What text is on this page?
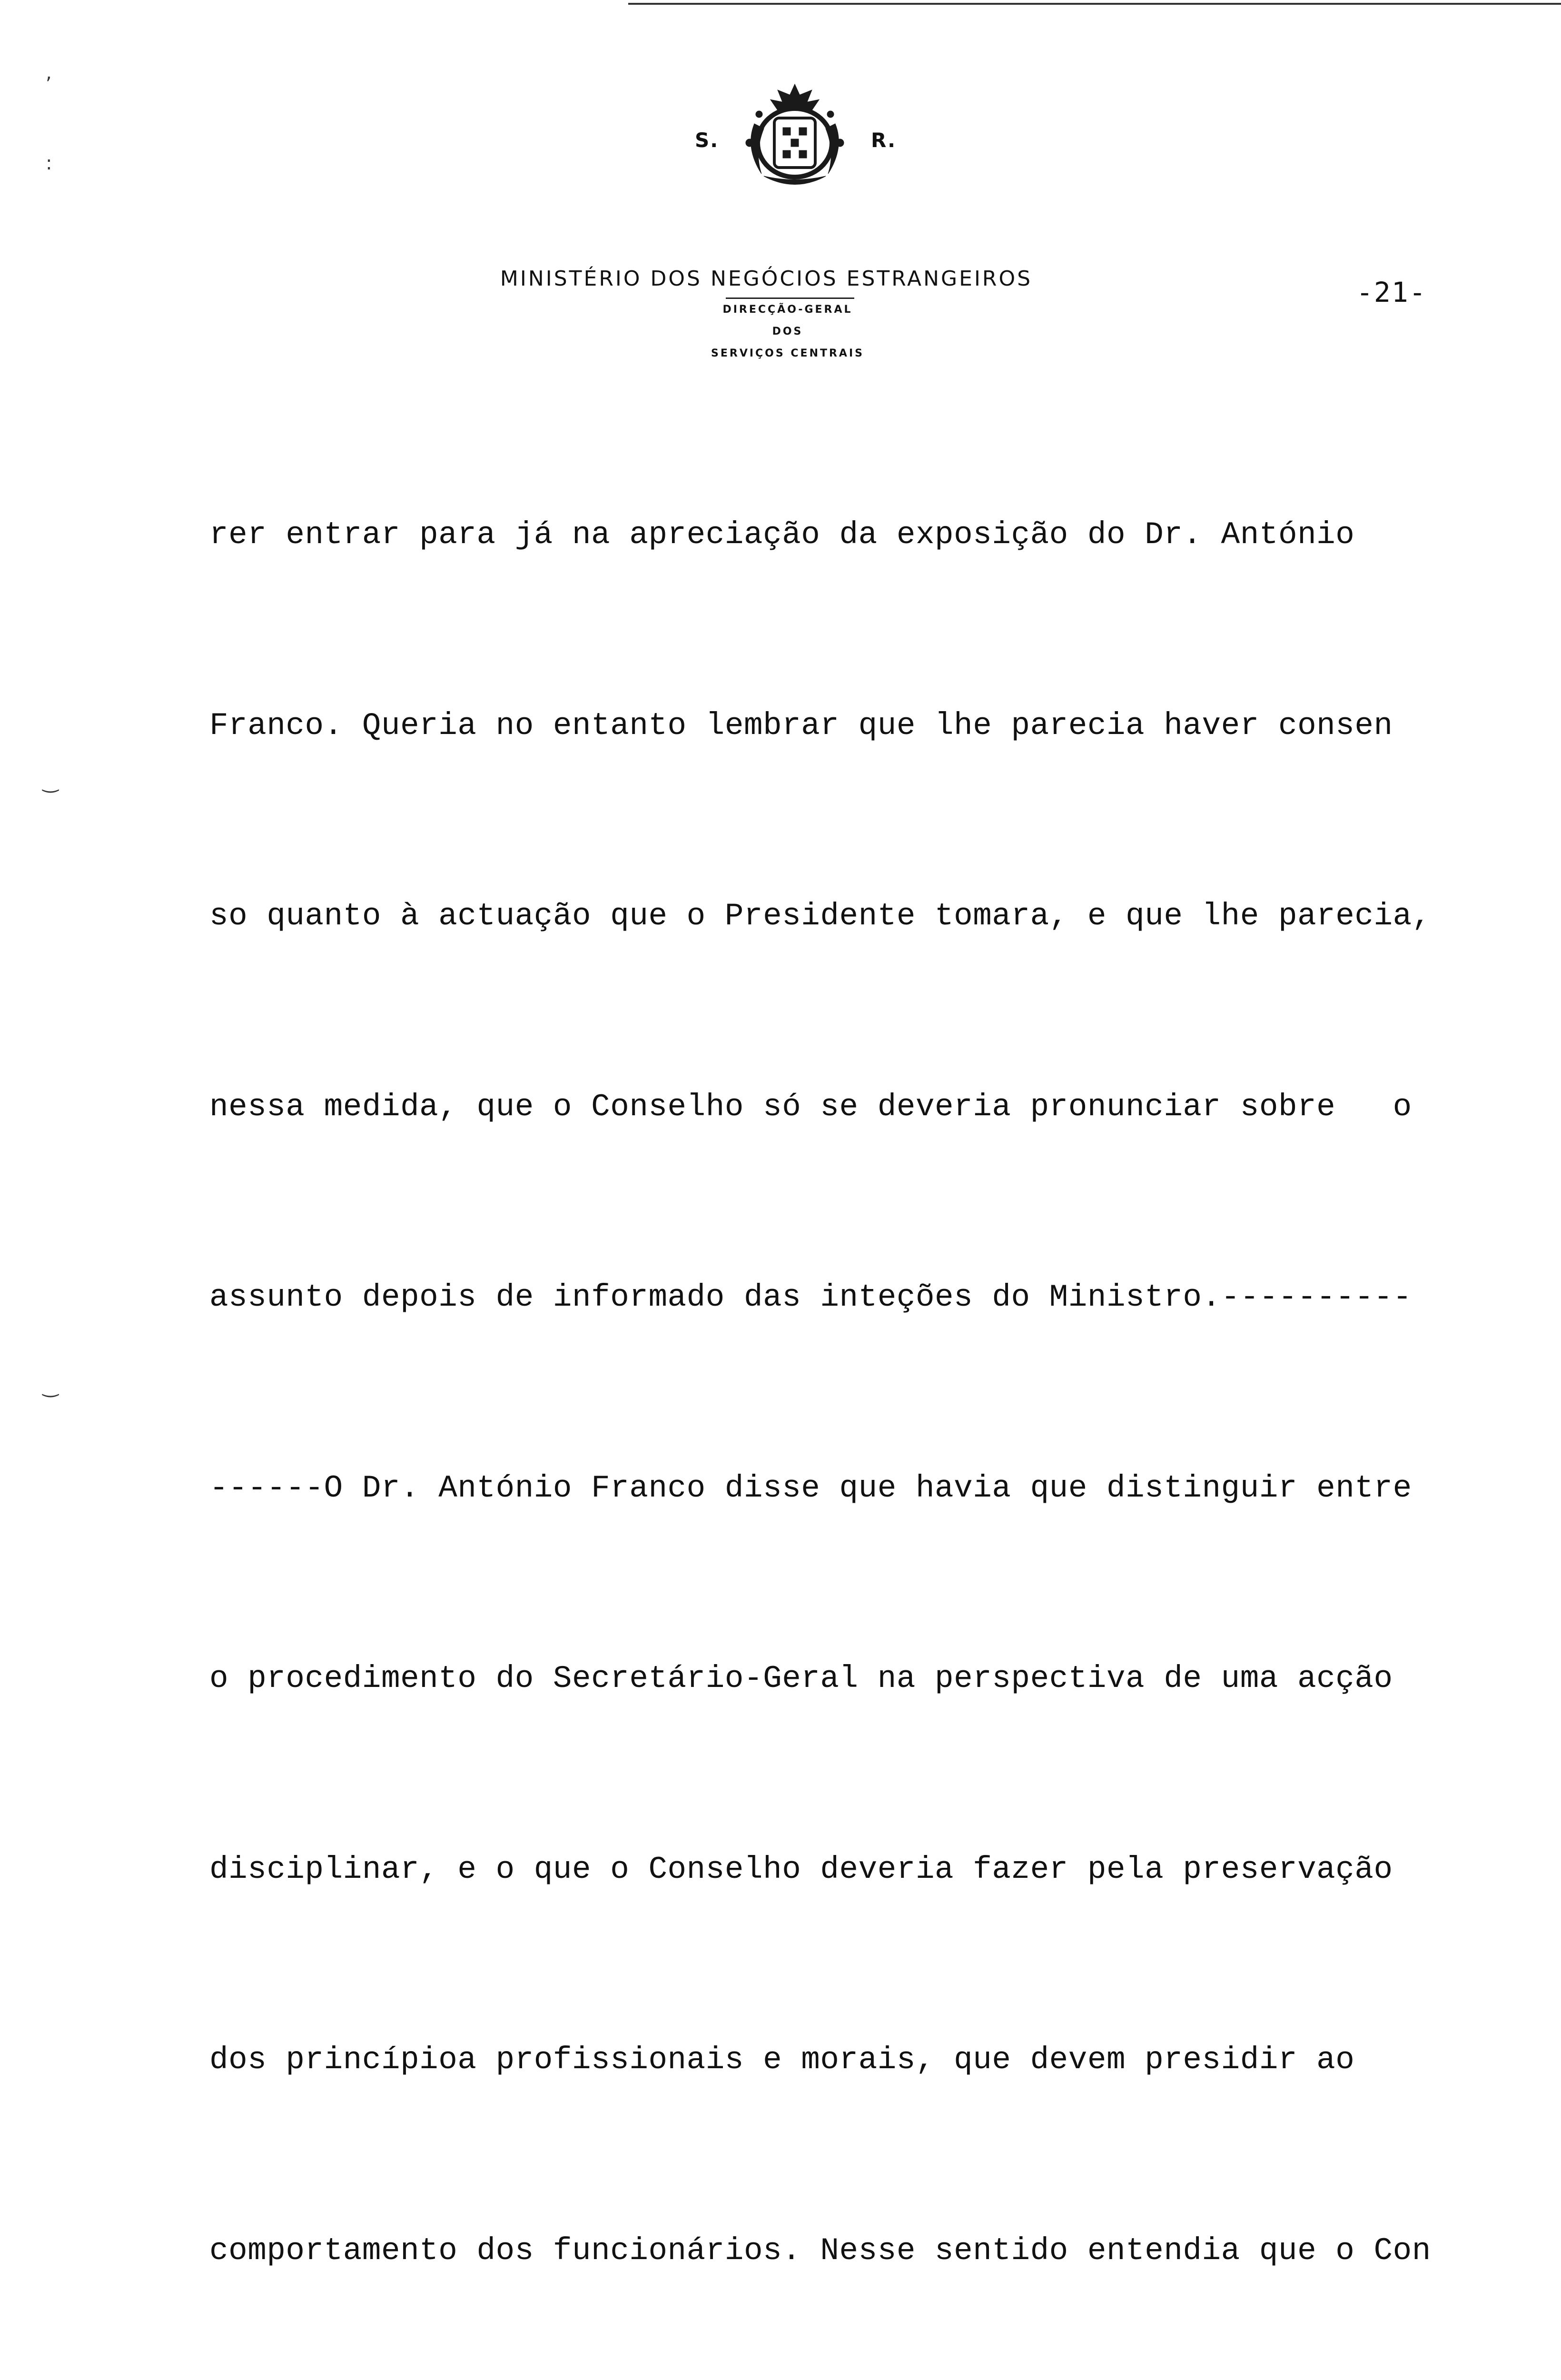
,
:
‿
‿
S.	R.
MINISTÉRIO DOS NEGÓCIOS ESTRANGEIROS
DIRECÇÃO-GERAL
DOS
SERVIÇOS CENTRAIS
-21-

rer entrar para já na apreciação da exposição do Dr. António

Franco. Queria no entanto lembrar que lhe parecia haver consen

so quanto à actuação que o Presidente tomara, e que lhe parecia,

nessa medida, que o Conselho só se deveria pronunciar sobre   o

assunto depois de informado das inteções do Ministro.----------

------O Dr. António Franco disse que havia que distinguir entre

o procedimento do Secretário-Geral na perspectiva de uma acção

disciplinar, e o que o Conselho deveria fazer pela preservação

dos princípioa profissionais e morais, que devem presidir ao

comportamento dos funcionários. Nesse sentido entendia que o Con
